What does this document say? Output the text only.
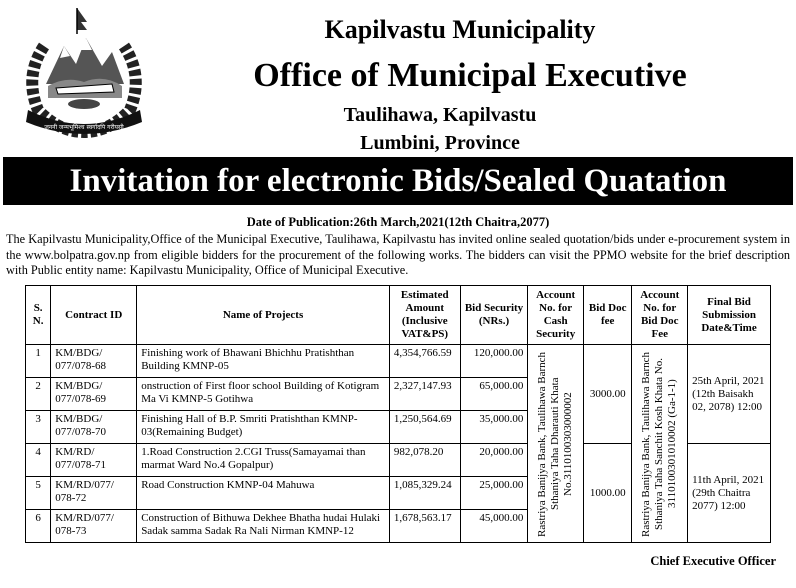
जननी जन्मभूमिश्च स्वर्गादपि गरीयसी
Kapilvastu Municipality
Office of Municipal Executive
Taulihawa, Kapilvastu
Lumbini, Province
Invitation for electronic Bids/Sealed Quatation
Date of Publication:26th March,2021(12th Chaitra,2077)
The Kapilvastu Municipality,Office of the Municipal Executive, Taulihawa, Kapilvastu has invited online sealed quotation/bids under e-procurement system in the www.bolpatra.gov.np from eligible bidders for the procurement of the following works. The bidders can visit the PPMO website for the brief description with Public entity name: Kapilvastu Municipality, Office of Municipal Executive.
S. N.	Contract ID	Name of Projects	Estimated Amount (Inclusive VAT&PS)	Bid Security (NRs.)	Account No. for Cash Security	Bid Doc fee	Account No. for Bid Doc Fee	Final Bid Submission Date&Time
1	KM/BDG/ 077/078-68	Finishing work of Bhawani Bhichhu Pratishthan Building KMNP-05	4,354,766.59	120,000.00	Rastriya Banijya Bank, Taulihawa Barnch Sthaniya Taha Dharauti Khata No.3110100303000002	3000.00	Rastriya Banijya Bank, Taulihawa Barnch Sthaniya Taha Sanchit Kosh Khata No. 3110100301010002 (Ga-1-1)	25th April, 2021 (12th Baisakh 02, 2078) 12:00
2	KM/BDG/ 077/078-69	onstruction of First floor school Building of Kotigram Ma Vi KMNP-5 Gotihwa	2,327,147.93	65,000.00				
3	KM/BDG/ 077/078-70	Finishing Hall of B.P. Smriti Pratishthan KMNP-03(Remaining Budget)	1,250,564.69	35,000.00				
4	KM/RD/ 077/078-71	1.Road Construction 2.CGI Truss(Samayamai than marmat Ward No.4 Gopalpur)	982,078.20	20,000.00		1000.00		11th April, 2021 (29th Chaitra 2077) 12:00
5	KM/RD/077/ 078-72	Road Construction KMNP-04 Mahuwa	1,085,329.24	25,000.00				
6	KM/RD/077/ 078-73	Construction of Bithuwa Dekhee Bhatha hudai Hulaki Sadak samma Sadak Ra Nali Nirman KMNP-12	1,678,563.17	45,000.00				
Chief Executive Officer
